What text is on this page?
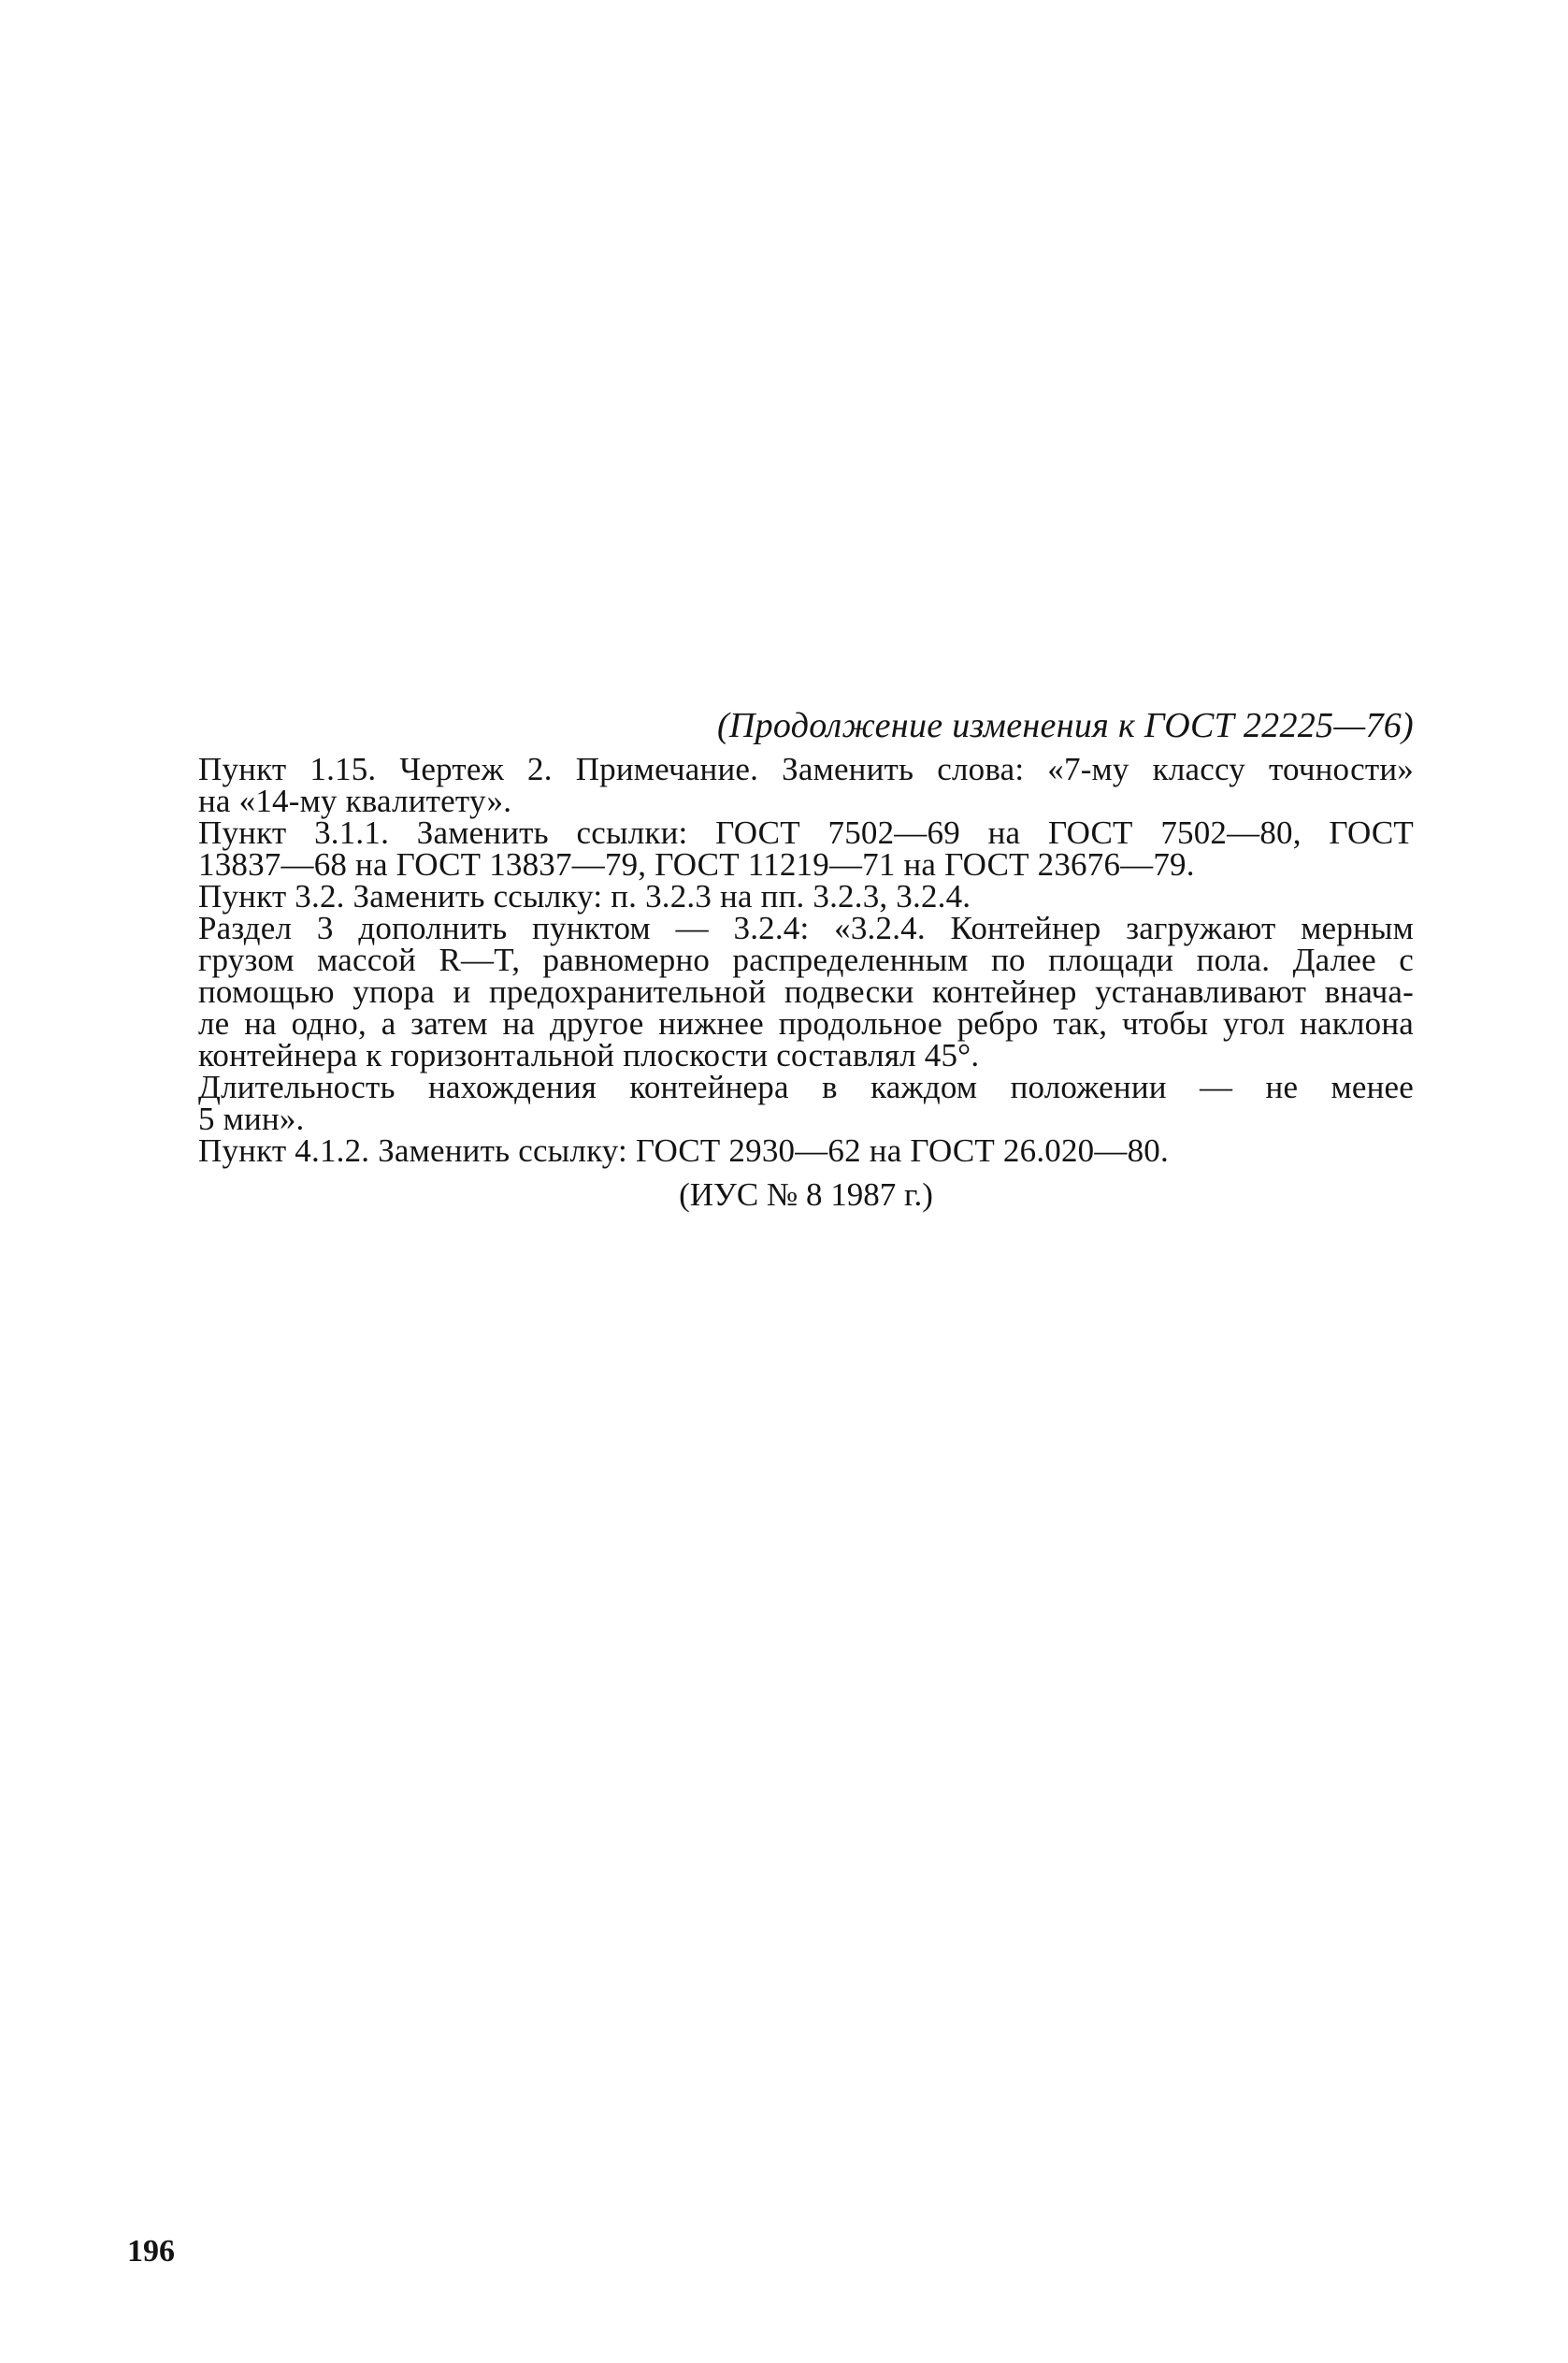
(Продолжение изменения к ГОСТ 22225—76)
Пункт 1.15. Чертеж 2. Примечание. Заменить слова: «7-му классу точности»
на «14-му квалитету».
Пункт 3.1.1. Заменить ссылки: ГОСТ 7502—69 на ГОСТ 7502—80, ГОСТ
13837—68 на ГОСТ 13837—79, ГОСТ 11219—71 на ГОСТ 23676—79.
Пункт 3.2. Заменить ссылку: п. 3.2.3 на пп. 3.2.3, 3.2.4.
Раздел 3 дополнить пунктом — 3.2.4: «3.2.4. Контейнер загружают мерным
грузом массой R—T, равномерно распределенным по площади пола. Далее с
помощью упора и предохранительной подвески контейнер устанавливают внача-
ле на одно, а затем на другое нижнее продольное ребро так, чтобы угол наклона
контейнера к горизонтальной плоскости составлял 45°.
Длительность нахождения контейнера в каждом положении — не менее
5 мин».
Пункт 4.1.2. Заменить ссылку: ГОСТ 2930—62 на ГОСТ 26.020—80.
(ИУС № 8 1987 г.)
196
